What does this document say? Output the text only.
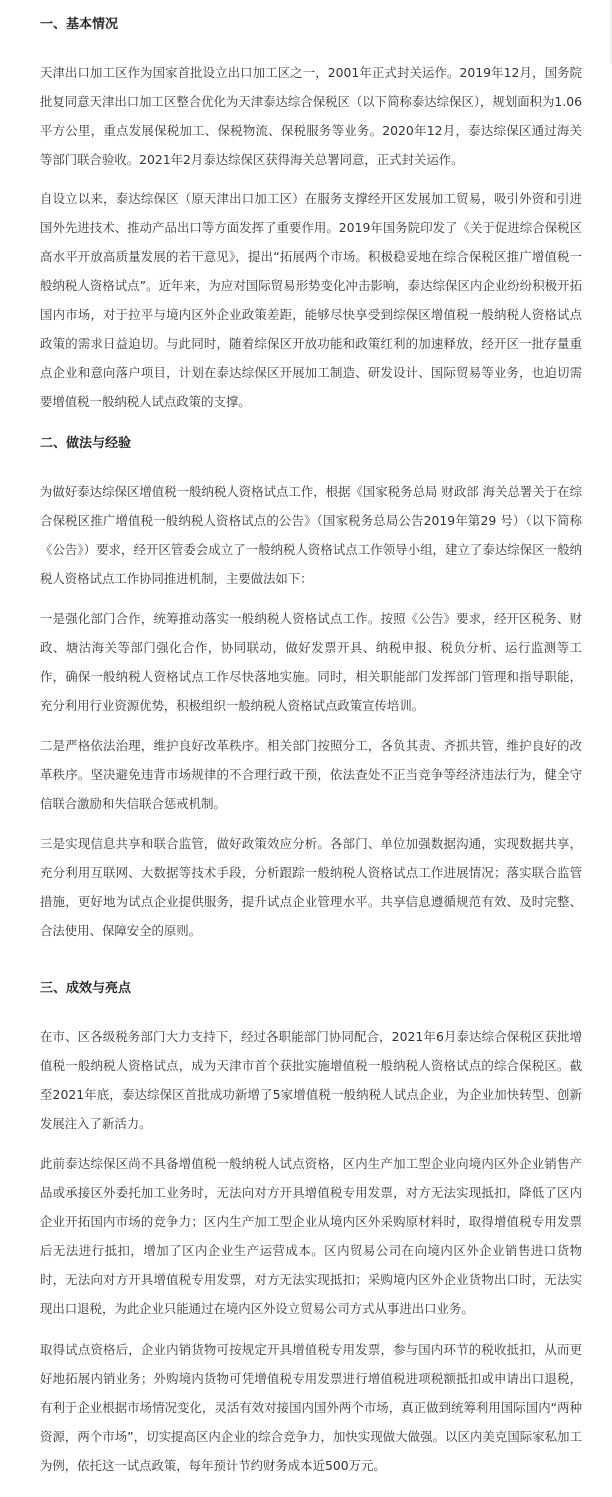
一、基本情况
天津出口加工区作为国家首批设立出口加工区之一，2001年正式封关运作。2019年12月，国务院批复同意天津出口加工区整合优化为天津泰达综合保税区（以下简称泰达综保区），规划面积为1.06平方公里，重点发展保税加工、保税物流、保税服务等业务。2020年12月，泰达综保区通过海关等部门联合验收。2021年2月泰达综保区获得海关总署同意，正式封关运作。
自设立以来，泰达综保区（原天津出口加工区）在服务支撑经开区发展加工贸易，吸引外资和引进国外先进技术、推动产品出口等方面发挥了重要作用。2019年国务院印发了《关于促进综合保税区高水平开放高质量发展的若干意见》，提出“拓展两个市场。积极稳妥地在综合保税区推广增值税一般纳税人资格试点”。近年来，为应对国际贸易形势变化冲击影响，泰达综保区内企业纷纷积极开拓国内市场，对于拉平与境内区外企业政策差距，能够尽快享受到综保区增值税一般纳税人资格试点政策的需求日益迫切。与此同时，随着综保区开放功能和政策红利的加速释放，经开区一批存量重点企业和意向落户项目，计划在泰达综保区开展加工制造、研发设计、国际贸易等业务，也迫切需要增值税一般纳税人试点政策的支撑。
二、做法与经验
为做好泰达综保区增值税一般纳税人资格试点工作，根据《国家税务总局 财政部 海关总署关于在综合保税区推广增值税一般纳税人资格试点的公告》（国家税务总局公告2019年第29 号）（以下简称《公告》）要求，经开区管委会成立了一般纳税人资格试点工作领导小组，建立了泰达综保区一般纳税人资格试点工作协同推进机制，主要做法如下：
一是强化部门合作，统筹推动落实一般纳税人资格试点工作。按照《公告》要求，经开区税务、财政、塘沽海关等部门强化合作，协同联动，做好发票开具、纳税申报、税负分析、运行监测等工作，确保一般纳税人资格试点工作尽快落地实施。同时，相关职能部门发挥部门管理和指导职能，充分利用行业资源优势，积极组织一般纳税人资格试点政策宣传培训。
二是严格依法治理，维护良好改革秩序。相关部门按照分工，各负其责、齐抓共管，维护良好的改革秩序。坚决避免违背市场规律的不合理行政干预，依法查处不正当竞争等经济违法行为，健全守信联合激励和失信联合惩戒机制。
三是实现信息共享和联合监管，做好政策效应分析。各部门、单位加强数据沟通，实现数据共享，充分利用互联网、大数据等技术手段，分析跟踪一般纳税人资格试点工作进展情况；落实联合监管措施，更好地为试点企业提供服务，提升试点企业管理水平。共享信息遵循规范有效、及时完整、合法使用、保障安全的原则。
三、成效与亮点
在市、区各级税务部门大力支持下，经过各职能部门协同配合，2021年6月泰达综合保税区获批增值税一般纳税人资格试点，成为天津市首个获批实施增值税一般纳税人资格试点的综合保税区。截至2021年底，泰达综保区首批成功新增了5家增值税一般纳税人试点企业，为企业加快转型、创新发展注入了新活力。
此前泰达综保区尚不具备增值税一般纳税人试点资格，区内生产加工型企业向境内区外企业销售产品或承接区外委托加工业务时，无法向对方开具增值税专用发票，对方无法实现抵扣，降低了区内企业开拓国内市场的竞争力；区内生产加工型企业从境内区外采购原材料时，取得增值税专用发票后无法进行抵扣，增加了区内企业生产运营成本。区内贸易公司在向境内区外企业销售进口货物时，无法向对方开具增值税专用发票，对方无法实现抵扣；采购境内区外企业货物出口时，无法实现出口退税，为此企业只能通过在境内区外设立贸易公司方式从事进出口业务。
取得试点资格后，企业内销货物可按规定开具增值税专用发票，参与国内环节的税收抵扣，从而更好地拓展内销业务；外购境内货物可凭增值税专用发票进行增值税进项税额抵扣或申请出口退税，有利于企业根据市场情况变化，灵活有效对接国内国外两个市场，真正做到统筹利用国际国内“两种资源，两个市场”，切实提高区内企业的综合竞争力，加快实现做大做强。以区内美克国际家私加工为例，依托这一试点政策，每年预计节约财务成本近500万元。
